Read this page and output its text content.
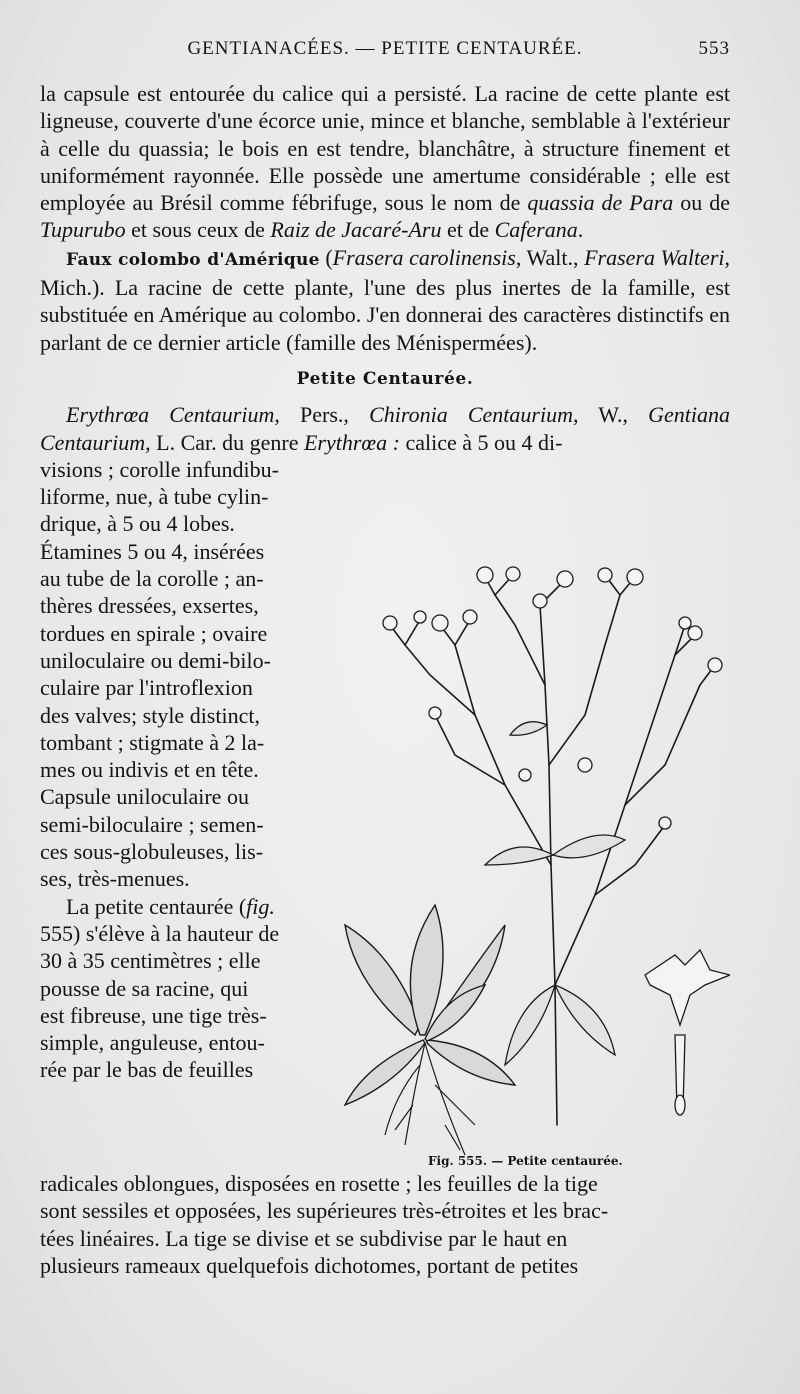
GENTIANACÉES. — PETITE CENTAURÉE.	553

la capsule est entourée du calice qui a persisté. La racine de cette plante est ligneuse, couverte d'une écorce unie, mince et blanche, semblable à l'extérieur à celle du quassia; le bois en est tendre, blanchâtre, à structure finement et uniformément rayonnée. Elle possède une amertume considérable ; elle est employée au Brésil comme fébrifuge, sous le nom de quassia de Para ou de Tupurubo et sous ceux de Raiz de Jacaré-Aru et de Caferana.

Faux colombo d'Amérique (Frasera carolinensis, Walt., Frasera Walteri, Mich.). La racine de cette plante, l'une des plus inertes de la famille, est substituée en Amérique au colombo. J'en donnerai des caractères distinctifs en parlant de ce dernier article (famille des Ménispermées).

Petite Centaurée.

Erythrœa Centaurium, Pers., Chironia Centaurium, W., Gentiana Centaurium, L. Car. du genre Erythrœa : calice à 5 ou 4 di-

visions ; corolle infundibu-
liforme, nue, à tube cylin-
drique, à 5 ou 4 lobes.
Étamines 5 ou 4, insérées
au tube de la corolle ; an-
thères dressées, exsertes,
tordues en spirale ; ovaire
uniloculaire ou demi-bilo-
culaire par l'introflexion
des valves; style distinct,
tombant ; stigmate à 2 la-
mes ou indivis et en tête.
Capsule uniloculaire ou
semi-biloculaire ; semen-
ces sous-globuleuses, lis-
ses, très-menues.
La petite centaurée (fig.
555) s'élève à la hauteur de
30 à 35 centimètres ; elle
pousse de sa racine, qui
est fibreuse, une tige très-
simple, anguleuse, entou-
rée par le bas de feuilles
Fig. 555. — Petite centaurée.
radicales oblongues, disposées en rosette ; les feuilles de la tige
sont sessiles et opposées, les supérieures très-étroites et les brac-
tées linéaires. La tige se divise et se subdivise par le haut en
plusieurs rameaux quelquefois dichotomes, portant de petites
